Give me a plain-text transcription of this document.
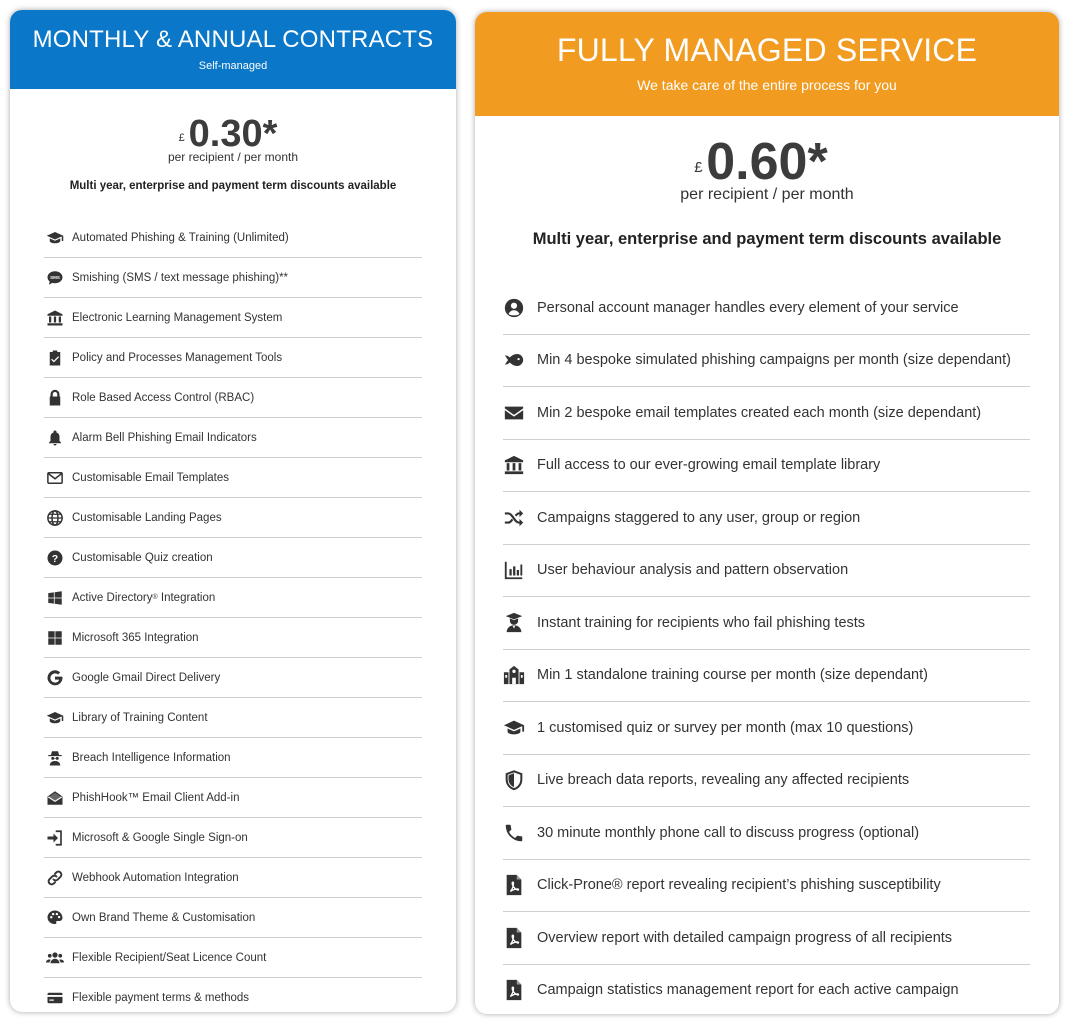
MONTHLY & ANNUAL CONTRACTS
Self-managed
£ 0.30*
per recipient / per month
Multi year, enterprise and payment term discounts available
Automated Phishing & Training (Unlimited)
SMS Smishing (SMS / text message phishing)**
Electronic Learning Management System
Policy and Processes Management Tools
Role Based Access Control (RBAC)
Alarm Bell Phishing Email Indicators
Customisable Email Templates
Customisable Landing Pages
? Customisable Quiz creation
Active Directory ® Integration
Microsoft 365 Integration
Google Gmail Direct Delivery
Library of Training Content
Breach Intelligence Information
PhishHook™ Email Client Add-in
Microsoft & Google Single Sign-on
Webhook Automation Integration
Own Brand Theme & Customisation
Flexible Recipient/Seat Licence Count
Flexible payment terms & methods
FULLY MANAGED SERVICE
We take care of the entire process for you
£ 0.60*
per recipient / per month
Multi year, enterprise and payment term discounts available
Personal account manager handles every element of your service
Min 4 bespoke simulated phishing campaigns per month (size dependant)
Min 2 bespoke email templates created each month (size dependant)
Full access to our ever-growing email template library
Campaigns staggered to any user, group or region
User behaviour analysis and pattern observation
Instant training for recipients who fail phishing tests
Min 1 standalone training course per month (size dependant)
1 customised quiz or survey per month (max 10 questions)
Live breach data reports, revealing any affected recipients
30 minute monthly phone call to discuss progress (optional)
Click-Prone® report revealing recipient’s phishing susceptibility
Overview report with detailed campaign progress of all recipients
Campaign statistics management report for each active campaign
